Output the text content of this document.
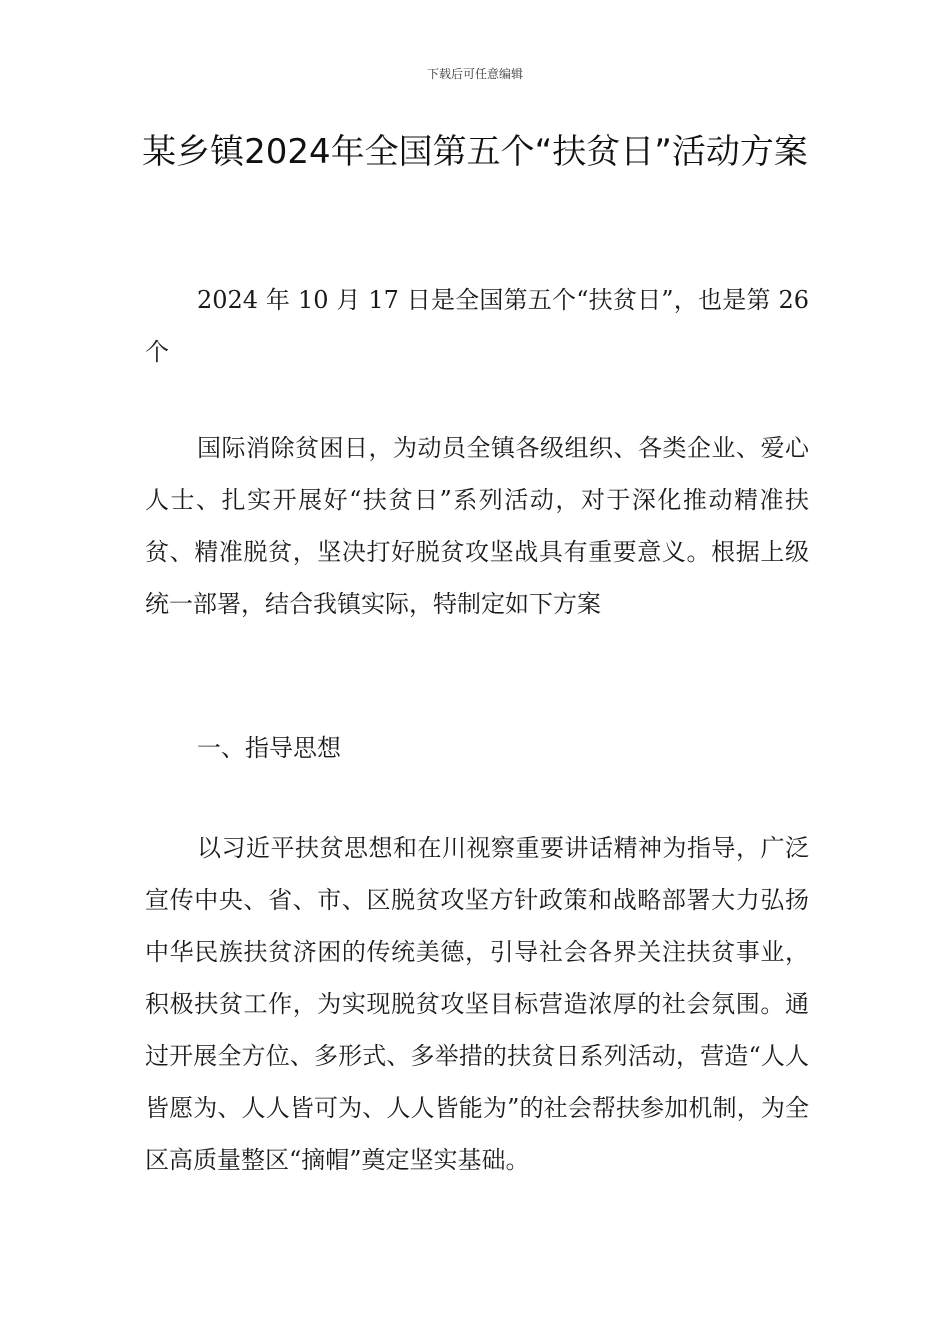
下载后可任意编辑
某乡镇2024年全国第五个“扶贫日”活动方案

2024 年 10 月 17 日是全国第五个“扶贫日”，也是第 26 个

国际消除贫困日，为动员全镇各级组织、各类企业、爱心人士、扎实开展好“扶贫日”系列活动，对于深化推动精准扶贫、精准脱贫，坚决打好脱贫攻坚战具有重要意义。根据上级统一部署，结合我镇实际，特制定如下方案

一、指导思想

以习近平扶贫思想和在川视察重要讲话精神为指导，广泛宣传中央、省、市、区脱贫攻坚方针政策和战略部署大力弘扬中华民族扶贫济困的传统美德，引导社会各界关注扶贫事业，积极扶贫工作，为实现脱贫攻坚目标营造浓厚的社会氛围。通过开展全方位、多形式、多举措的扶贫日系列活动，营造“人人皆愿为、人人皆可为、人人皆能为”的社会帮扶参加机制，为全区高质量整区“摘帽”奠定坚实基础。
